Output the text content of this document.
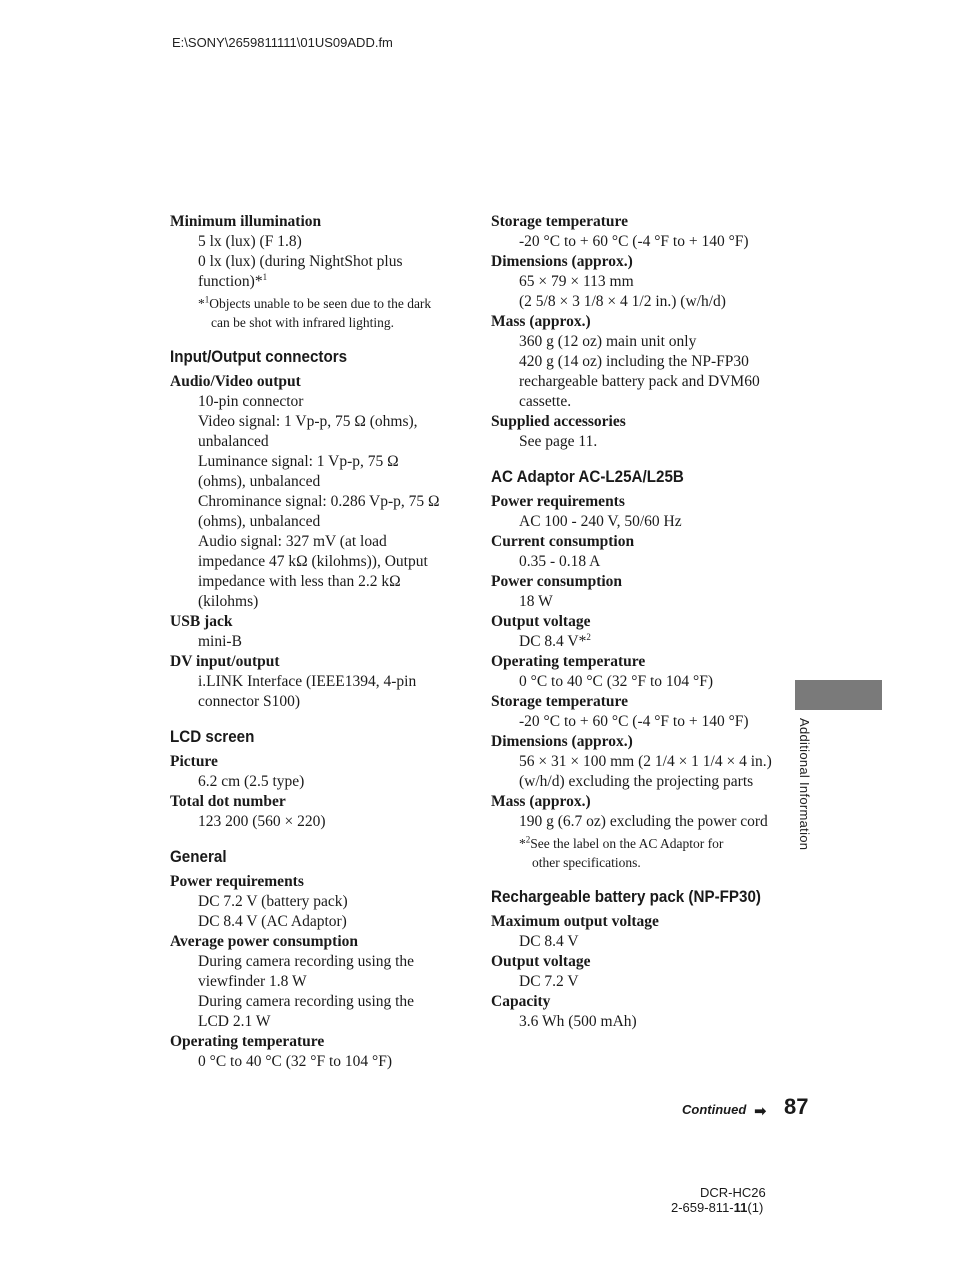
E:\SONY\2659811111\01US09ADD.fm
Minimum illumination
5 lx (lux) (F 1.8)
0 lx (lux) (during NightShot plus
function)*$^1$
*$^1$Objects unable to be seen due to the dark
can be shot with infrared lighting.
Input/Output connectors
Audio/Video output
10-pin connector
Video signal: 1 Vp-p, 75 Ω (ohms),
unbalanced
Luminance signal: 1 Vp-p, 75 Ω
(ohms), unbalanced
Chrominance signal: 0.286 Vp-p, 75 Ω
(ohms), unbalanced
Audio signal: 327 mV (at load
impedance 47 kΩ (kilohms)), Output
impedance with less than 2.2 kΩ
(kilohms)
USB jack
mini-B
DV input/output
i.LINK Interface (IEEE1394, 4-pin
connector S100)
LCD screen
Picture
6.2 cm (2.5 type)
Total dot number
123 200 (560 × 220)
General
Power requirements
DC 7.2 V (battery pack)
DC 8.4 V (AC Adaptor)
Average power consumption
During camera recording using the
viewfinder 1.8 W
During camera recording using the
LCD 2.1 W
Operating temperature
0 °C to 40 °C (32 °F to 104 °F)
Storage temperature
-20 °C to + 60 °C (-4 °F to + 140 °F)
Dimensions (approx.)
65 × 79 × 113 mm
(2 5/8 × 3 1/8 × 4 1/2 in.) (w/h/d)
Mass (approx.)
360 g (12 oz) main unit only
420 g (14 oz) including the NP-FP30
rechargeable battery pack and DVM60
cassette.
Supplied accessories
See page 11.
AC Adaptor AC-L25A/L25B
Power requirements
AC 100 - 240 V, 50/60 Hz
Current consumption
0.35 - 0.18 A
Power consumption
18 W
Output voltage
DC 8.4 V*$^2$
Operating temperature
0 °C to 40 °C (32 °F to 104 °F)
Storage temperature
-20 °C to + 60 °C (-4 °F to + 140 °F)
Dimensions (approx.)
56 × 31 × 100 mm (2 1/4 × 1 1/4 × 4 in.)
(w/h/d) excluding the projecting parts
Mass (approx.)
190 g (6.7 oz) excluding the power cord
*$^2$See the label on the AC Adaptor for
other specifications.
Rechargeable battery pack (NP-FP30)
Maximum output voltage
DC 8.4 V
Output voltage
DC 7.2 V
Capacity
3.6 Wh (500 mAh)
Additional Information
Continued ➡ 87
DCR-HC26
2-659-811-11(1)
